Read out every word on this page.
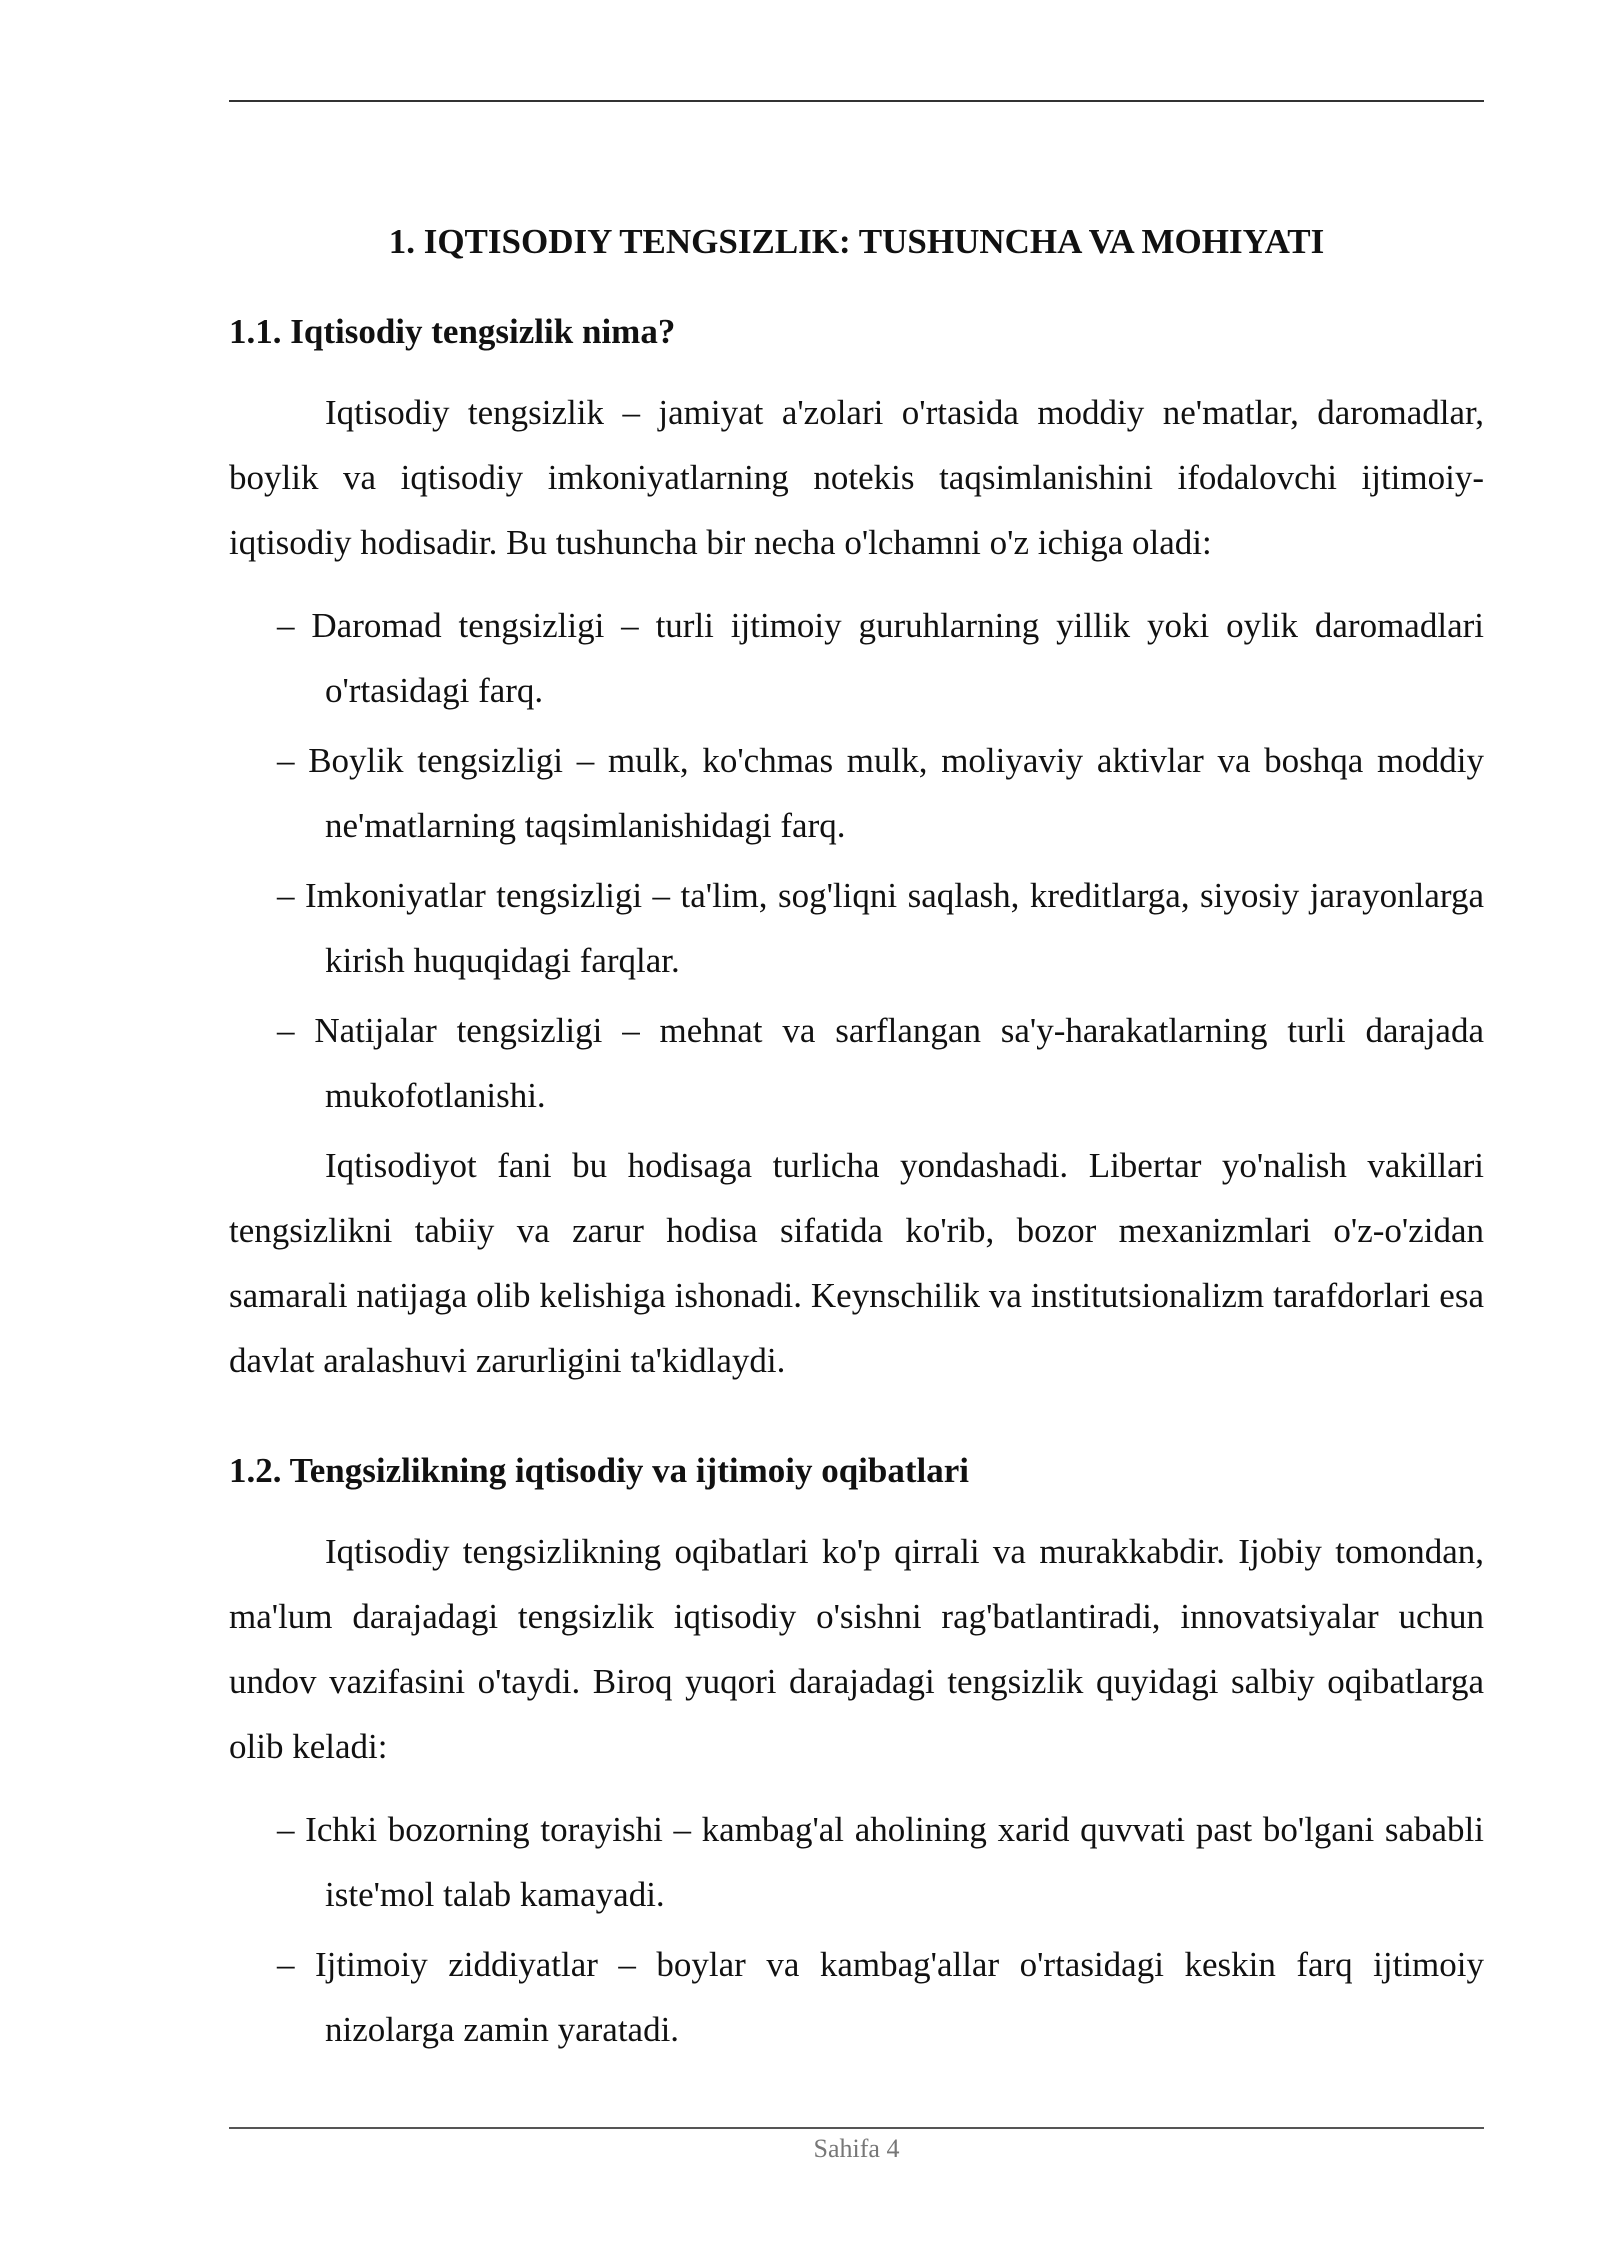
1. IQTISODIY TENGSIZLIK: TUSHUNCHA VA MOHIYATI
1.1. Iqtisodiy tengsizlik nima?

Iqtisodiy tengsizlik – jamiyat a'zolari o'rtasida moddiy ne'matlar, daromadlar, boylik va iqtisodiy imkoniyatlarning notekis taqsimlanishini ifodalovchi ijtimoiy-iqtisodiy hodisadir. Bu tushuncha bir necha o'lchamni o'z ichiga oladi:

– Daromad tengsizligi – turli ijtimoiy guruhlarning yillik yoki oylik daromadlari o'rtasidagi farq.
– Boylik tengsizligi – mulk, ko'chmas mulk, moliyaviy aktivlar va boshqa moddiy ne'matlarning taqsimlanishidagi farq.
– Imkoniyatlar tengsizligi – ta'lim, sog'liqni saqlash, kreditlarga, siyosiy jarayonlarga kirish huquqidagi farqlar.
– Natijalar tengsizligi – mehnat va sarflangan sa'y-harakatlarning turli darajada mukofotlanishi.

Iqtisodiyot fani bu hodisaga turlicha yondashadi. Libertar yo'nalish vakillari tengsizlikni tabiiy va zarur hodisa sifatida ko'rib, bozor mexanizmlari o'z-o'zidan samarali natijaga olib kelishiga ishonadi. Keynschilik va institutsionalizm tarafdorlari esa davlat aralashuvi zarurligini ta'kidlaydi.

1.2. Tengsizlikning iqtisodiy va ijtimoiy oqibatlari

Iqtisodiy tengsizlikning oqibatlari ko'p qirrali va murakkabdir. Ijobiy tomondan, ma'lum darajadagi tengsizlik iqtisodiy o'sishni rag'batlantiradi, innovatsiyalar uchun undov vazifasini o'taydi. Biroq yuqori darajadagi tengsizlik quyidagi salbiy oqibatlarga olib keladi:

– Ichki bozorning torayishi – kambag'al aholining xarid quvvati past bo'lgani sababli iste'mol talab kamayadi.
– Ijtimoiy ziddiyatlar – boylar va kambag'allar o'rtasidagi keskin farq ijtimoiy nizolarga zamin yaratadi.
Sahifa 4
